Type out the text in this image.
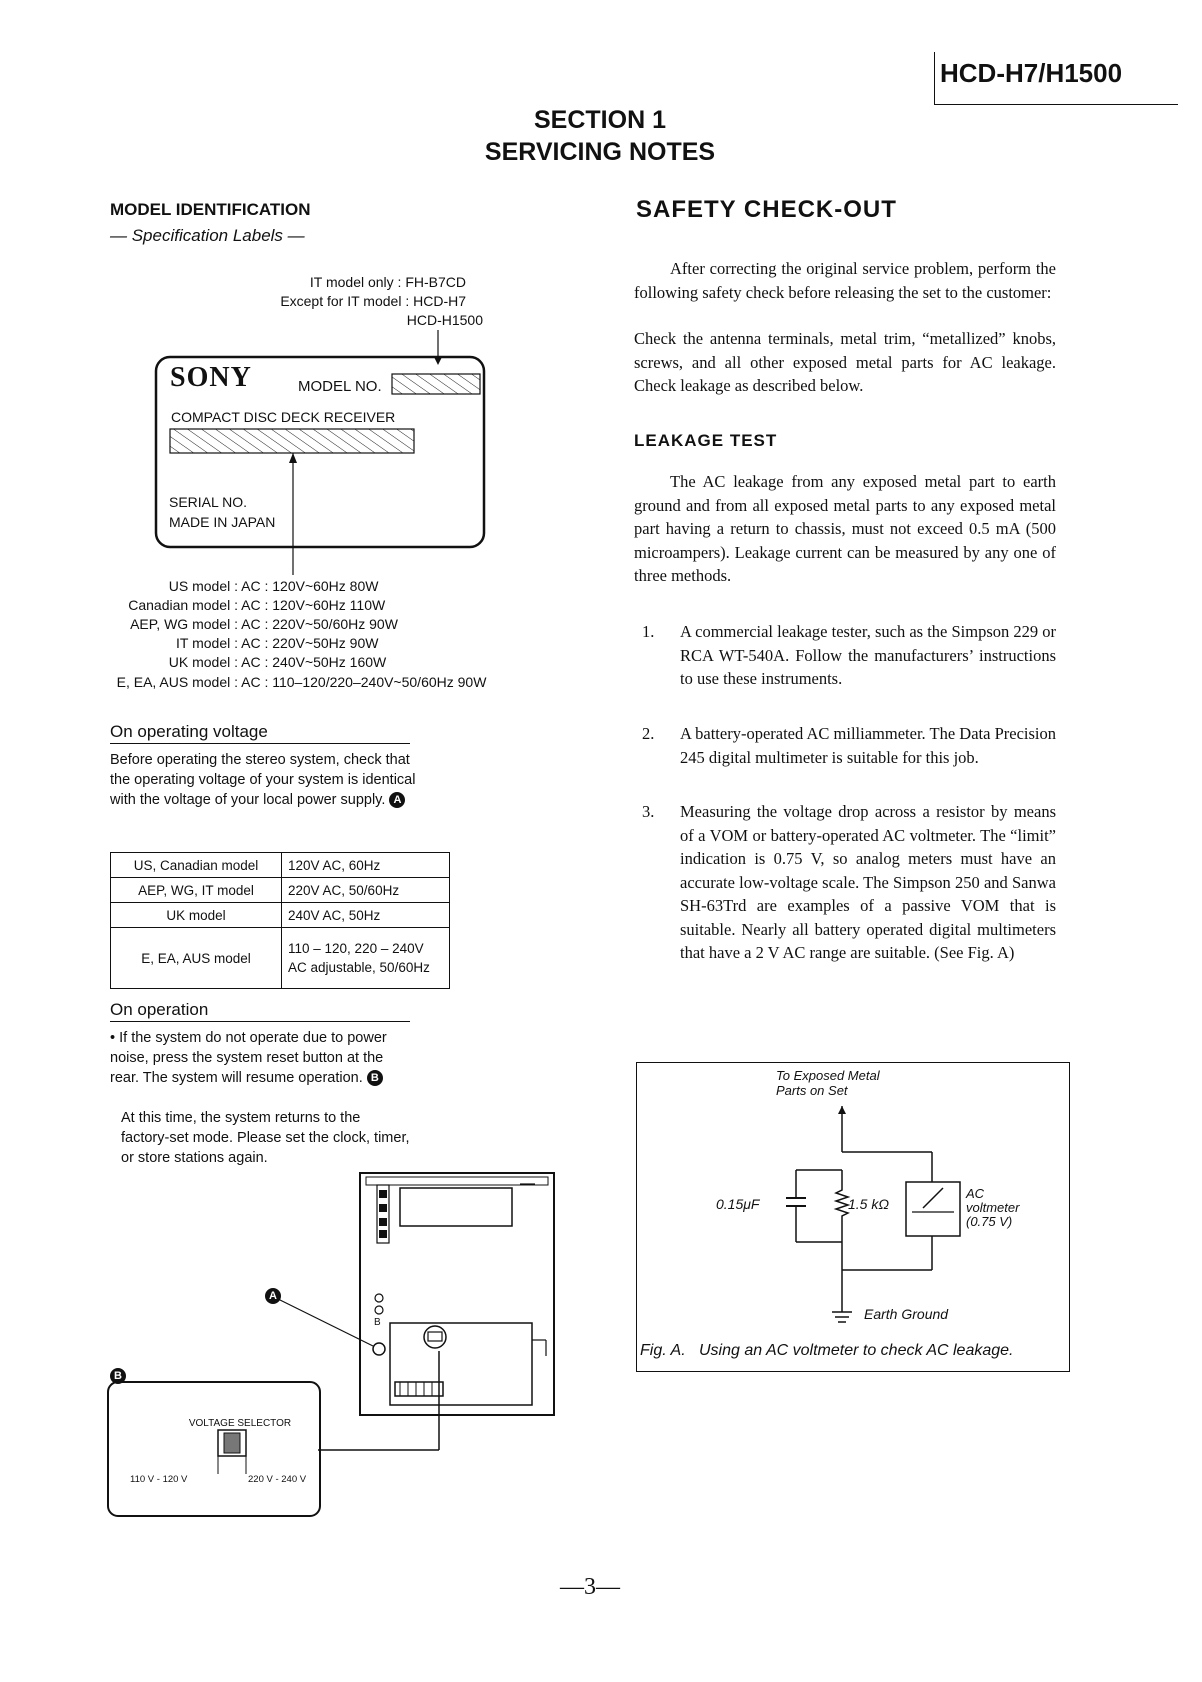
HCD-H7/H1500
SECTION 1
SERVICING NOTES
MODEL IDENTIFICATION
— Specification Labels —
IT model only : FH-B7CD
Except for IT model : HCD-H7
HCD-H1500
SONY	MODEL NO.
COMPACT DISC DECK RECEIVER
SERIAL NO.
MADE IN JAPAN
US model : AC : 120V~60Hz 80W
Canadian model : AC : 120V~60Hz 110W
AEP, WG model : AC : 220V~50/60Hz 90W
IT model : AC : 220V~50Hz 90W
UK model : AC : 240V~50Hz 160W
E, EA, AUS model : AC : 110–120/220–240V~50/60Hz 90W
On operating voltage
Before operating the stereo system, check that the operating voltage of your system is identical with the voltage of your local power supply. A
US, Canadian model	120V AC, 60Hz
AEP, WG, IT model	220V AC, 50/60Hz
UK model	240V AC, 50Hz
E, EA, AUS model	110 – 120, 220 – 240V AC adjustable, 50/60Hz
On operation
• If the system do not operate due to power noise, press the system reset button at the rear. The system will resume operation. B
At this time, the system returns to the factory-set mode. Please set the clock, timer, or store stations again.
A
B
B
VOLTAGE SELECTOR
110 V - 120 V	220 V - 240 V
SAFETY CHECK-OUT
After correcting the original service problem, perform the following safety check before releasing the set to the customer:
Check the antenna terminals, metal trim, “metallized” knobs, screws, and all other exposed metal parts for AC leakage. Check leakage as described below.
LEAKAGE TEST
The AC leakage from any exposed metal part to earth ground and from all exposed metal parts to any exposed metal part having a return to chassis, must not exceed 0.5 mA (500 microampers). Leakage current can be measured by any one of three methods.
1.	A commercial leakage tester, such as the Simpson 229 or RCA WT-540A. Follow the manufacturers’ instructions to use these instruments.
2.	A battery-operated AC milliammeter. The Data Precision 245 digital multimeter is suitable for this job.
3.	Measuring the voltage drop across a resistor by means of a VOM or battery-operated AC voltmeter. The “limit” indication is 0.75 V, so analog meters must have an accurate low-voltage scale. The Simpson 250 and Sanwa SH-63Trd are examples of a passive VOM that is suitable. Nearly all battery operated digital multimeters that have a 2 V AC range are suitable. (See Fig. A)
To Exposed Metal
Parts on Set
0.15μF	1.5 kΩ
AC
voltmeter
(0.75 V)
Earth Ground
Fig. A.   Using an AC voltmeter to check AC leakage.
—3—
